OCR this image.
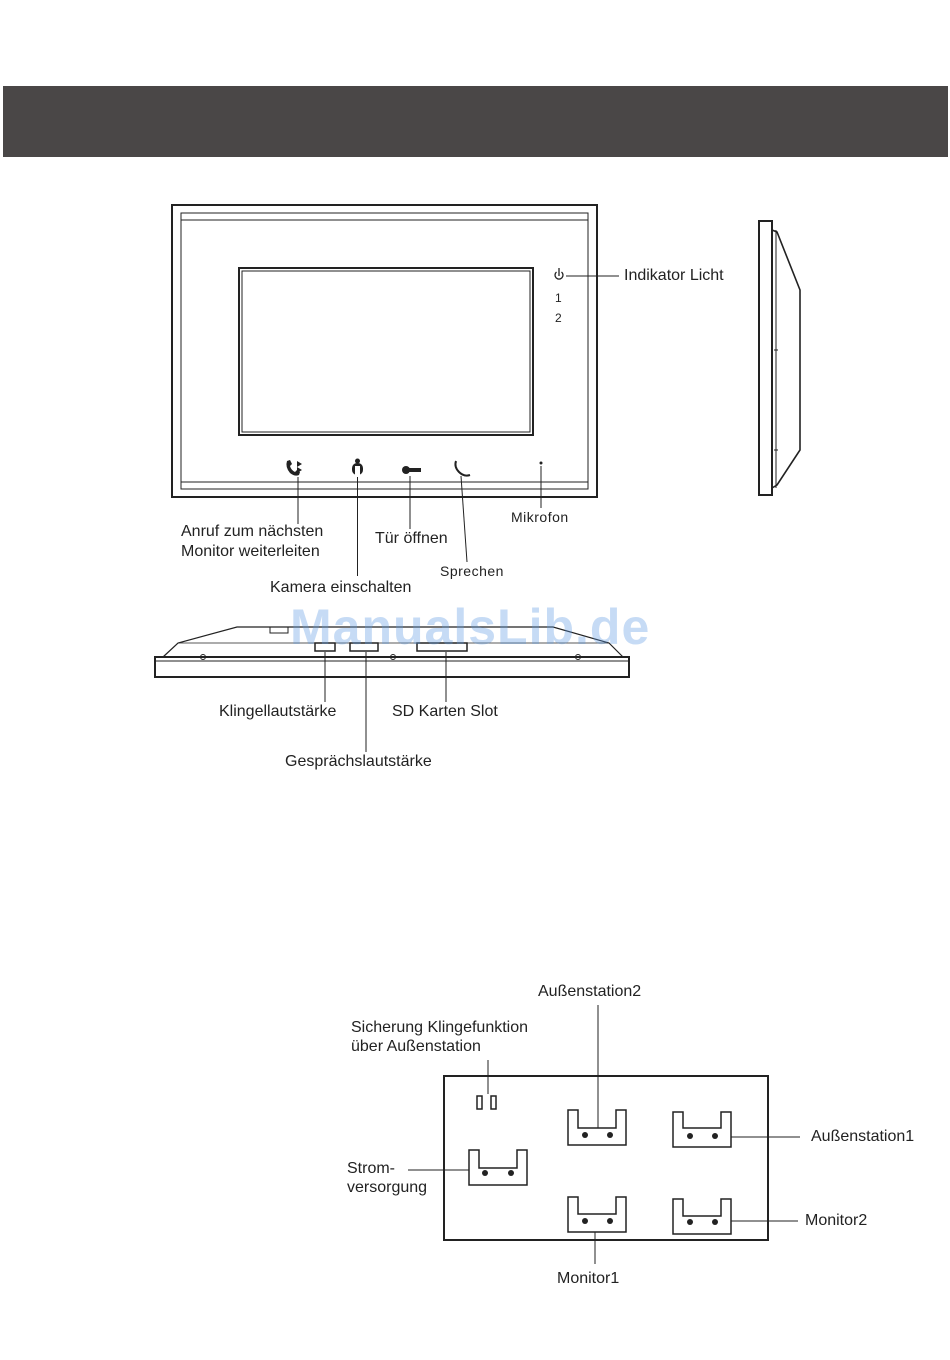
1
2
Indikator Licht
Anruf zum nächsten
Monitor weiterleiten
Tür öffnen
Mikrofon
Sprechen
Kamera einschalten
ManualsLib.de
Klingellautstärke	SD Karten Slot
Gesprächslautstärke
Außenstation2
Sicherung Klingefunktion
über Außenstation
Außenstation1
Strom-
versorgung
Monitor2
Monitor1
